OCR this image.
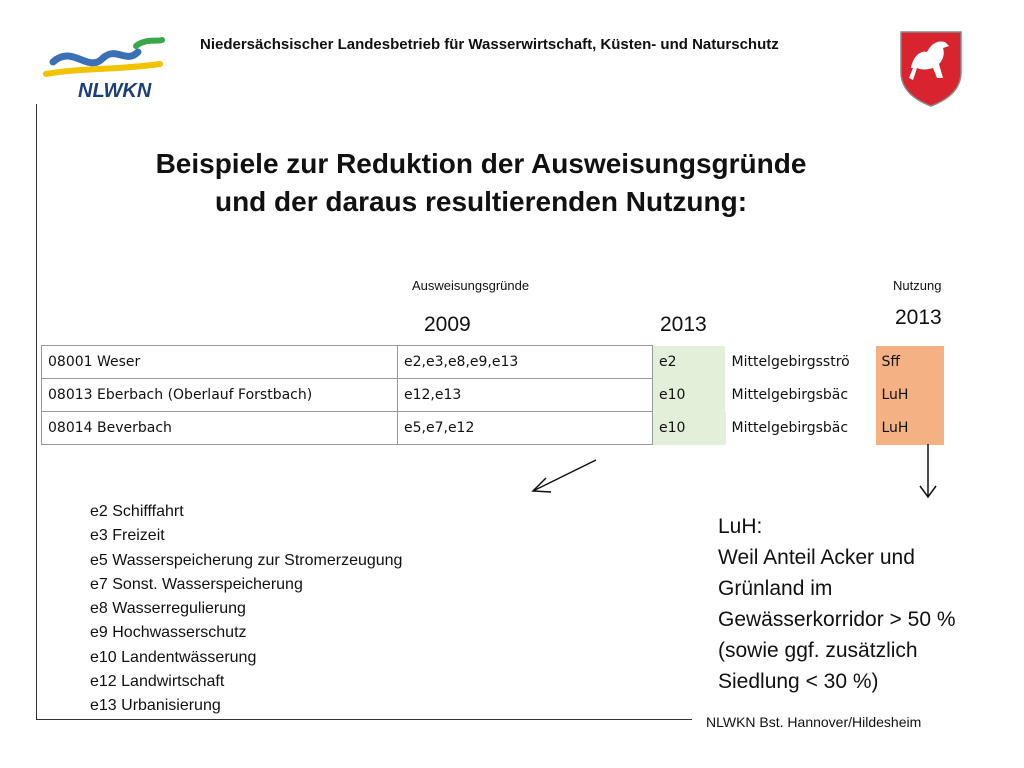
Niedersächsischer Landesbetrieb für Wasserwirtschaft, Küsten- und Naturschutz
NLWKN
Beispiele zur Reduktion der Ausweisungsgründe
und der daraus resultierenden Nutzung:
Ausweisungsgründe	Nutzung
2009	2013	2013
08001 Weser	e2,e3,e8,e9,e13	e2	Mittelgebirgsströ	Sff
08013 Eberbach (Oberlauf Forstbach)	e12,e13	e10	Mittelgebirgsbäc	LuH
08014 Beverbach	e5,e7,e12	e10	Mittelgebirgsbäc	LuH
e2 Schifffahrt
e3 Freizeit
e5 Wasserspeicherung zur Stromerzeugung
e7 Sonst. Wasserspeicherung
e8 Wasserregulierung
e9 Hochwasserschutz
e10 Landentwässerung
e12 Landwirtschaft
e13 Urbanisierung
LuH:
Weil Anteil Acker und
Grünland im
Gewässerkorridor > 50 %
(sowie ggf. zusätzlich
Siedlung < 30 %)
NLWKN Bst. Hannover/Hildesheim
